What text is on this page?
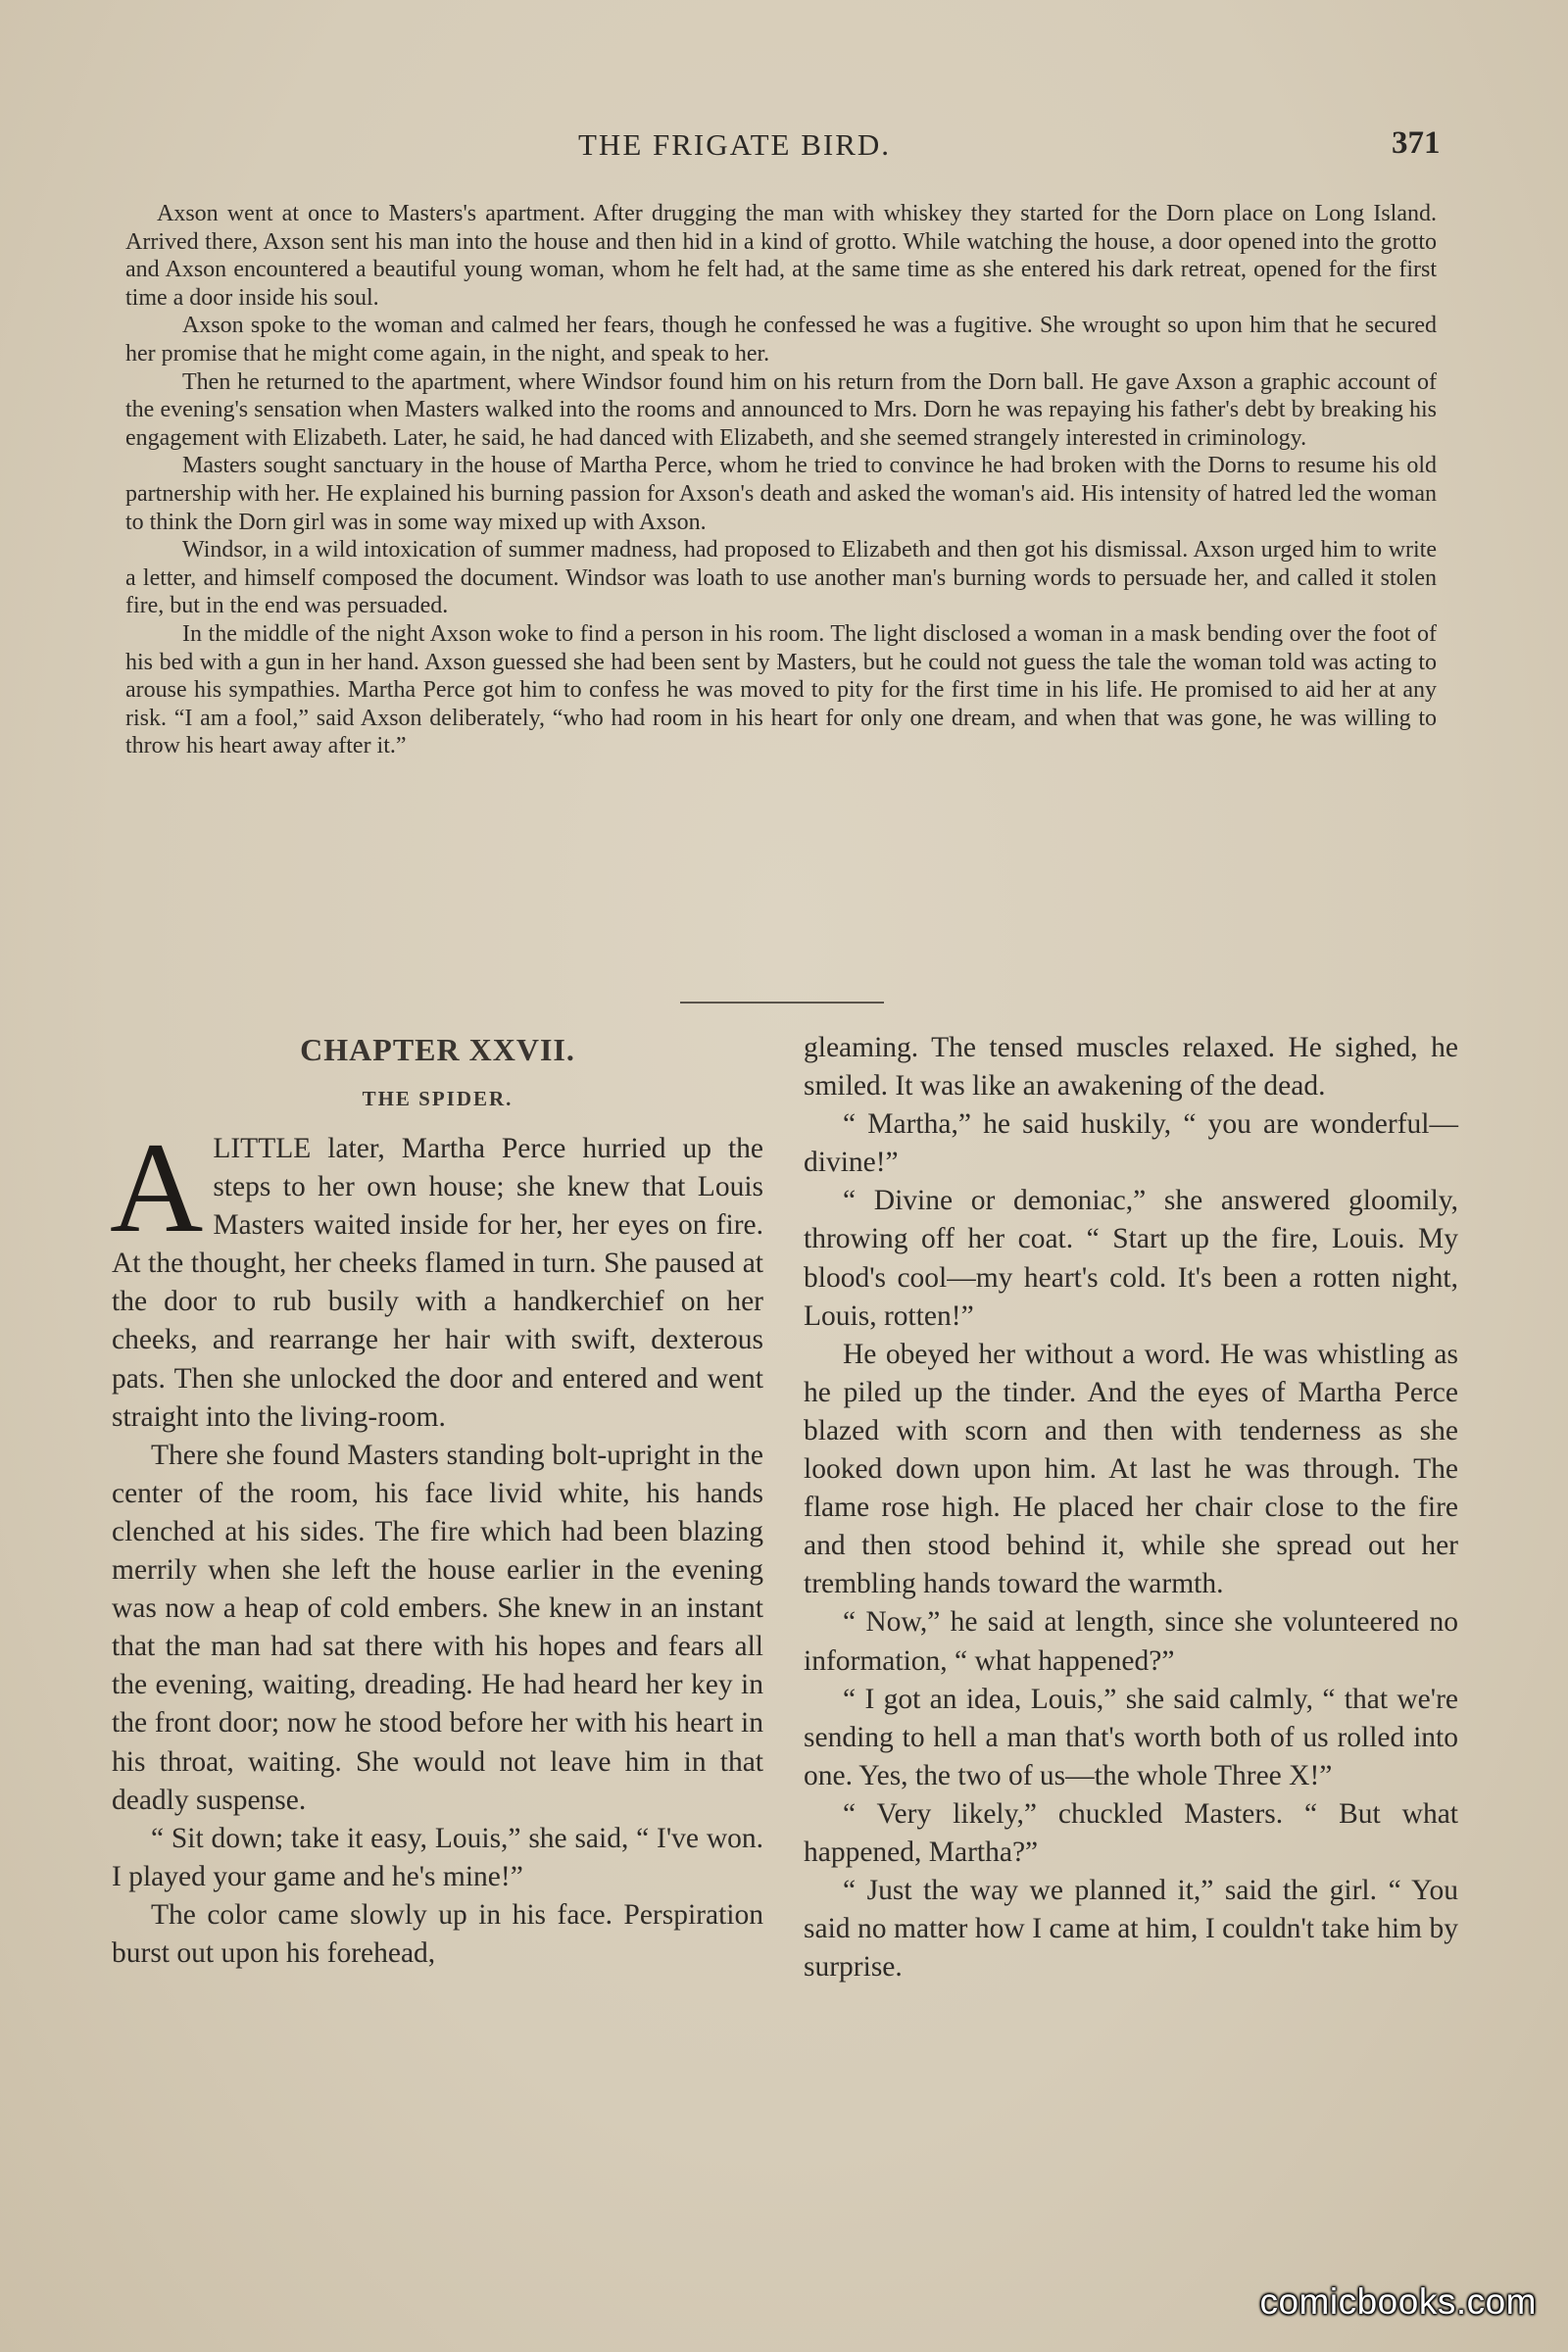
THE FRIGATE BIRD.	371

Axson went at once to Masters's apartment. After drugging the man with whiskey they started for the Dorn place on Long Island. Arrived there, Axson sent his man into the house and then hid in a kind of grotto. While watching the house, a door opened into the grotto and Axson encountered a beautiful young woman, whom he felt had, at the same time as she entered his dark retreat, opened for the first time a door inside his soul.

Axson spoke to the woman and calmed her fears, though he confessed he was a fugitive. She wrought so upon him that he secured her promise that he might come again, in the night, and speak to her.

Then he returned to the apartment, where Windsor found him on his return from the Dorn ball. He gave Axson a graphic account of the evening's sensation when Masters walked into the rooms and announced to Mrs. Dorn he was repaying his father's debt by breaking his engagement with Elizabeth. Later, he said, he had danced with Elizabeth, and she seemed strangely interested in criminology.

Masters sought sanctuary in the house of Martha Perce, whom he tried to convince he had broken with the Dorns to resume his old partnership with her. He explained his burning passion for Axson's death and asked the woman's aid. His intensity of hatred led the woman to think the Dorn girl was in some way mixed up with Axson.

Windsor, in a wild intoxication of summer madness, had proposed to Elizabeth and then got his dismissal. Axson urged him to write a letter, and himself composed the document. Windsor was loath to use another man's burning words to persuade her, and called it stolen fire, but in the end was persuaded.

In the middle of the night Axson woke to find a person in his room. The light disclosed a woman in a mask bending over the foot of his bed with a gun in her hand. Axson guessed she had been sent by Masters, but he could not guess the tale the woman told was acting to arouse his sympathies. Martha Perce got him to confess he was moved to pity for the first time in his life. He promised to aid her at any risk. “I am a fool,” said Axson deliberately, “who had room in his heart for only one dream, and when that was gone, he was willing to throw his heart away after it.”

CHAPTER XXVII.
THE SPIDER.

ALITTLE later, Martha Perce hurried up the steps to her own house; she knew that Louis Masters waited inside for her, her eyes on fire. At the thought, her cheeks flamed in turn. She paused at the door to rub busily with a handkerchief on her cheeks, and rearrange her hair with swift, dexterous pats. Then she unlocked the door and entered and went straight into the living-room.

There she found Masters standing bolt-upright in the center of the room, his face livid white, his hands clenched at his sides. The fire which had been blazing merrily when she left the house earlier in the evening was now a heap of cold embers. She knew in an instant that the man had sat there with his hopes and fears all the evening, waiting, dreading. He had heard her key in the front door; now he stood before her with his heart in his throat, waiting. She would not leave him in that deadly suspense.

“ Sit down; take it easy, Louis,” she said, “ I've won. I played your game and he's mine!”

The color came slowly up in his face. Perspiration burst out upon his forehead,

gleaming. The tensed muscles relaxed. He sighed, he smiled. It was like an awakening of the dead.

“ Martha,” he said huskily, “ you are wonderful—divine!”

“ Divine or demoniac,” she answered gloomily, throwing off her coat. “ Start up the fire, Louis. My blood's cool—my heart's cold. It's been a rotten night, Louis, rotten!”

He obeyed her without a word. He was whistling as he piled up the tinder. And the eyes of Martha Perce blazed with scorn and then with tenderness as she looked down upon him. At last he was through. The flame rose high. He placed her chair close to the fire and then stood behind it, while she spread out her trembling hands toward the warmth.

“ Now,” he said at length, since she volunteered no information, “ what happened?”

“ I got an idea, Louis,” she said calmly, “ that we're sending to hell a man that's worth both of us rolled into one. Yes, the two of us—the whole Three X!”

“ Very likely,” chuckled Masters. “ But what happened, Martha?”

“ Just the way we planned it,” said the girl. “ You said no matter how I came at him, I couldn't take him by surprise.

comicbooks.com
